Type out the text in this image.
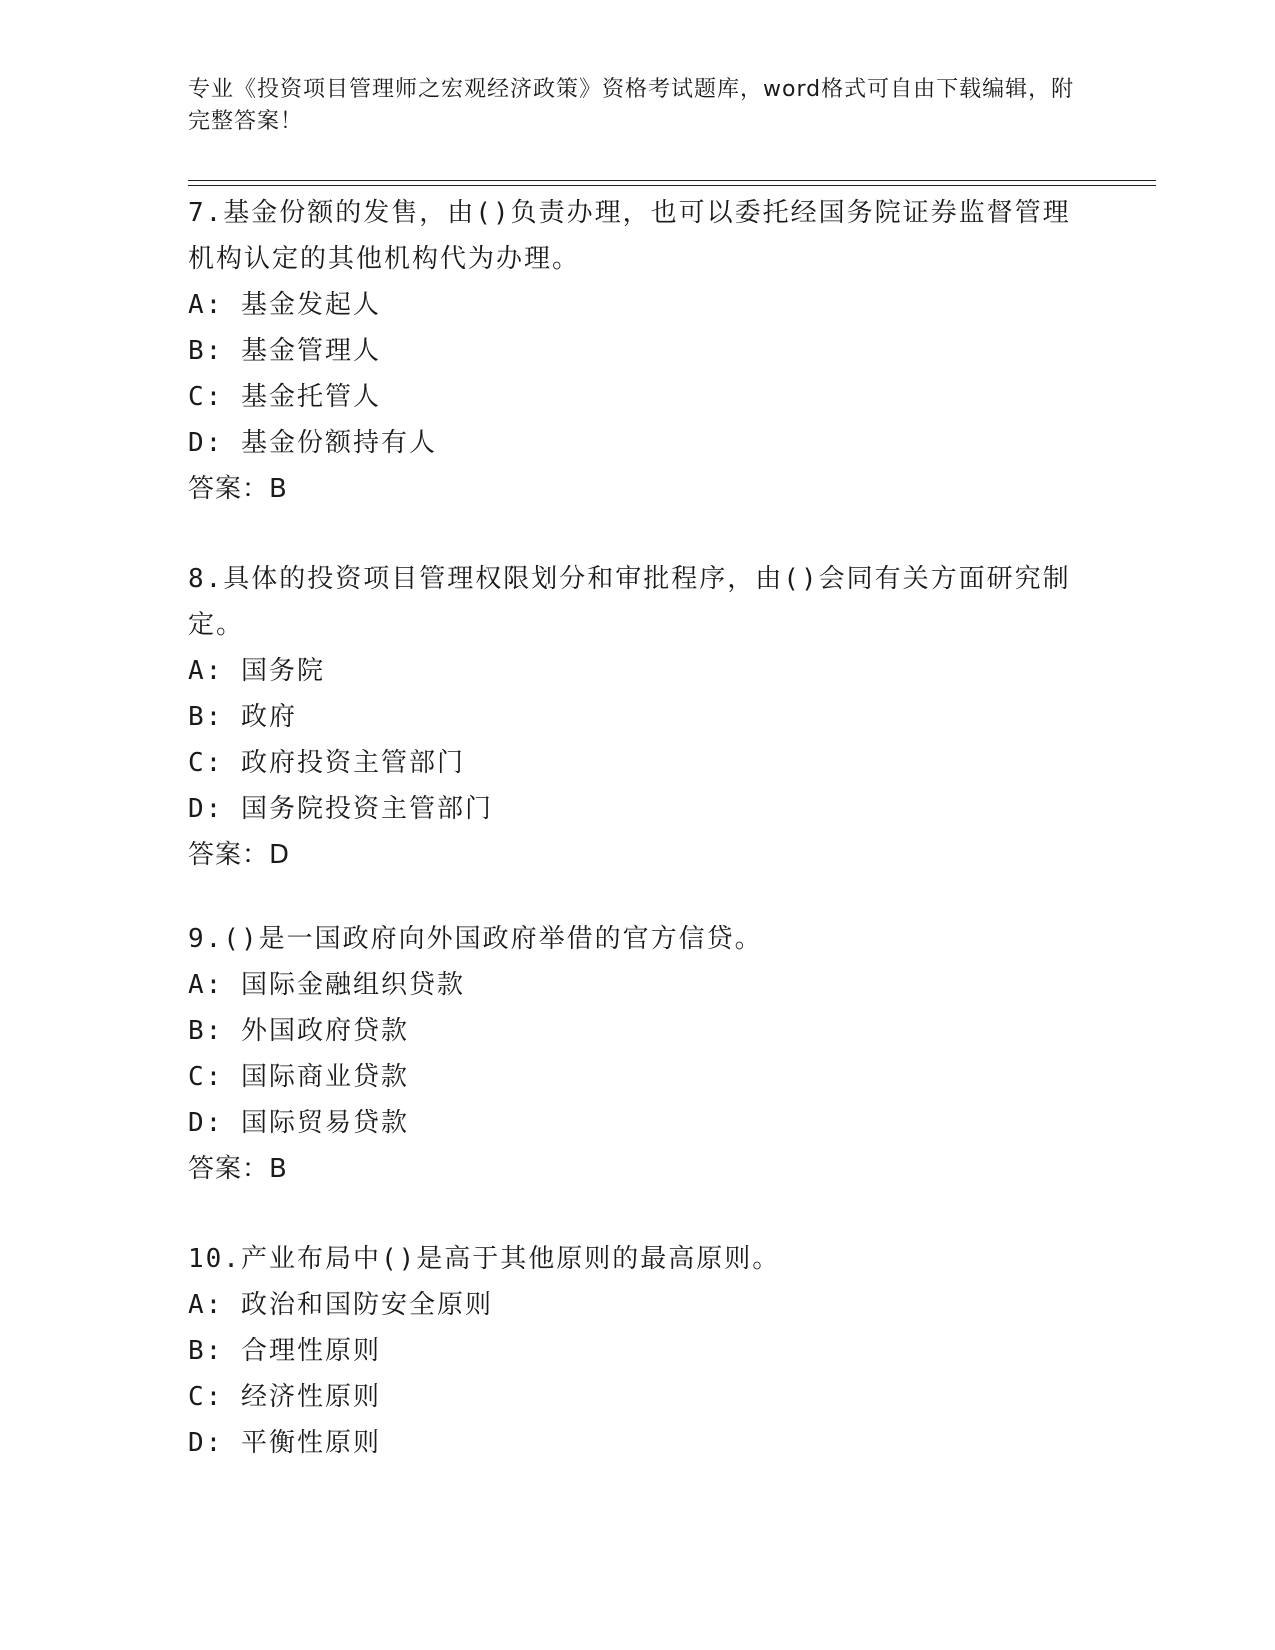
专业《投资项目管理师之宏观经济政策》资格考试题库，word格式可自由下载编辑，附完整答案！
7.基金份额的发售，由()负责办理，也可以委托经国务院证券监督管理机构认定的其他机构代为办理。
A: 基金发起人
B: 基金管理人
C: 基金托管人
D: 基金份额持有人
答案：B
8.具体的投资项目管理权限划分和审批程序，由()会同有关方面研究制定。
A: 国务院
B: 政府
C: 政府投资主管部门
D: 国务院投资主管部门
答案：D
9.()是一国政府向外国政府举借的官方信贷。
A: 国际金融组织贷款
B: 外国政府贷款
C: 国际商业贷款
D: 国际贸易贷款
答案：B
10.产业布局中()是高于其他原则的最高原则。
A: 政治和国防安全原则
B: 合理性原则
C: 经济性原则
D: 平衡性原则
